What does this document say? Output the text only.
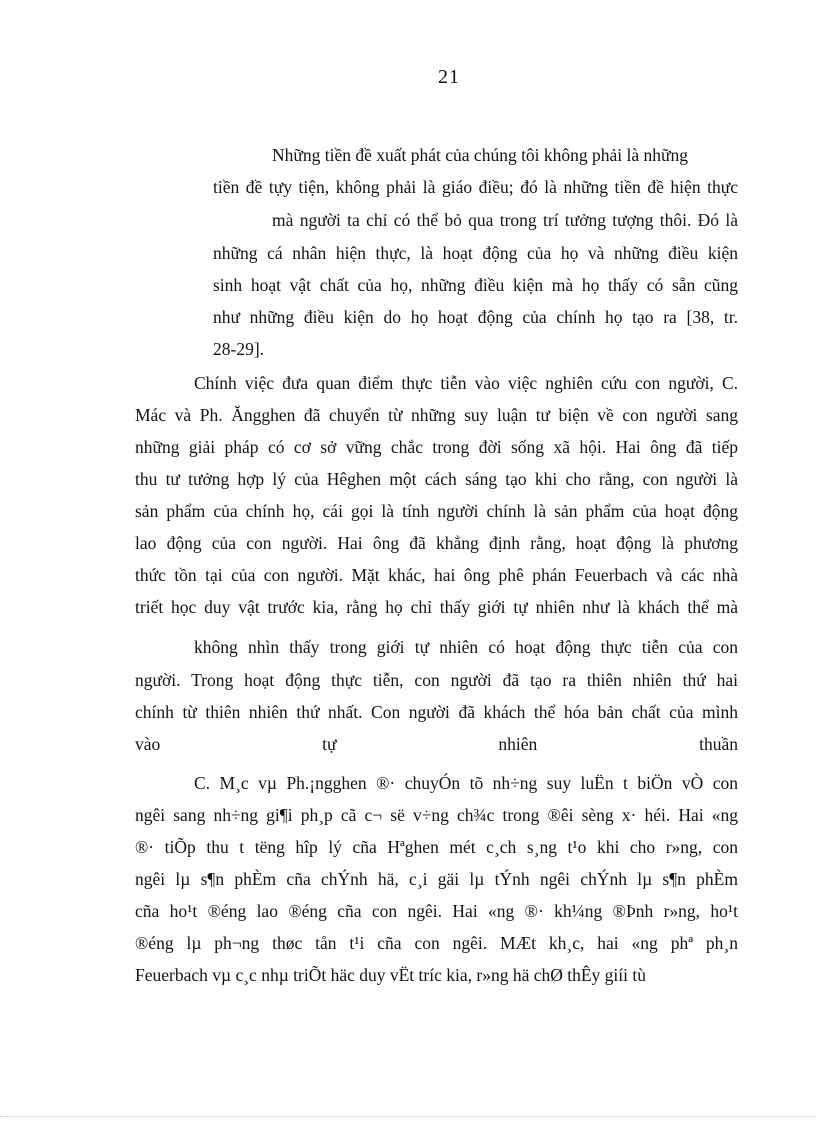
21
Những tiền đề xuất phát của chúng tôi không phải là những
tiền đề tựy tiện, không phải là giáo điều; đó là những tiền đề hiện thực
mà người ta chỉ có thể bỏ qua trong trí tưởng tượng thôi. Đó là
những cá nhân hiện thực, là hoạt động của họ và những điều kiện
sinh hoạt vật chất của họ, những điều kiện mà họ thấy có sẵn cũng
như những điều kiện do họ hoạt động của chính họ tạo ra [38, tr.
28-29].
Chính việc đưa quan điểm thực tiễn vào việc nghiên cứu con người, C.
Mác và Ph. Ăngghen đã chuyển từ những suy luận tư biện về con người sang
những giải pháp có cơ sở vững chắc trong đời sống xã hội. Hai ông đã tiếp
thu tư tưởng hợp lý của Hêghen một cách sáng tạo khi cho rằng, con người là
sản phẩm của chính họ, cái gọi là tính người chính là sản phẩm của hoạt động
lao động của con người. Hai ông đã khẳng định rằng, hoạt động là phương
thức tồn tại của con người. Mặt khác, hai ông phê phán Feuerbach và các nhà
triết học duy vật trước kia, rằng họ chỉ thấy giới tự nhiên như là khách thể mà
không nhìn thấy trong giới tự nhiên có hoạt động thực tiễn của con
người. Trong hoạt động thực tiễn, con người đã tạo ra thiên nhiên thứ hai
chính từ thiên nhiên thứ nhất. Con người đã khách thể hóa bản chất của mình
vào tự nhiên thuần
C. M¸c vµ Ph.¡ngghen ®· chuyÓn tõ nh÷ng suy luËn t biÖn vÒ con
ngêi sang nh÷ng gi¶i ph¸p cã c¬ së v÷ng ch¾c trong ®êi sèng x· héi. Hai «ng
®· tiÕp thu t tëng hîp lý cña Hªghen mét c¸ch s¸ng t¹o khi cho r»ng, con
ngêi lµ s¶n phÈm cña chÝnh hä, c¸i gäi lµ tÝnh ngêi chÝnh lµ s¶n phÈm
cña ho¹t ®éng lao ®éng cña con ngêi. Hai «ng ®· kh¼ng ®Þnh r»ng, ho¹t
®éng lµ ph¬ng thøc tån t¹i cña con ngêi. MÆt kh¸c, hai «ng phª ph¸n
Feuerbach vµ c¸c nhµ triÕt häc duy vËt tríc kia, r»ng hä chØ thÊy giíi tù
